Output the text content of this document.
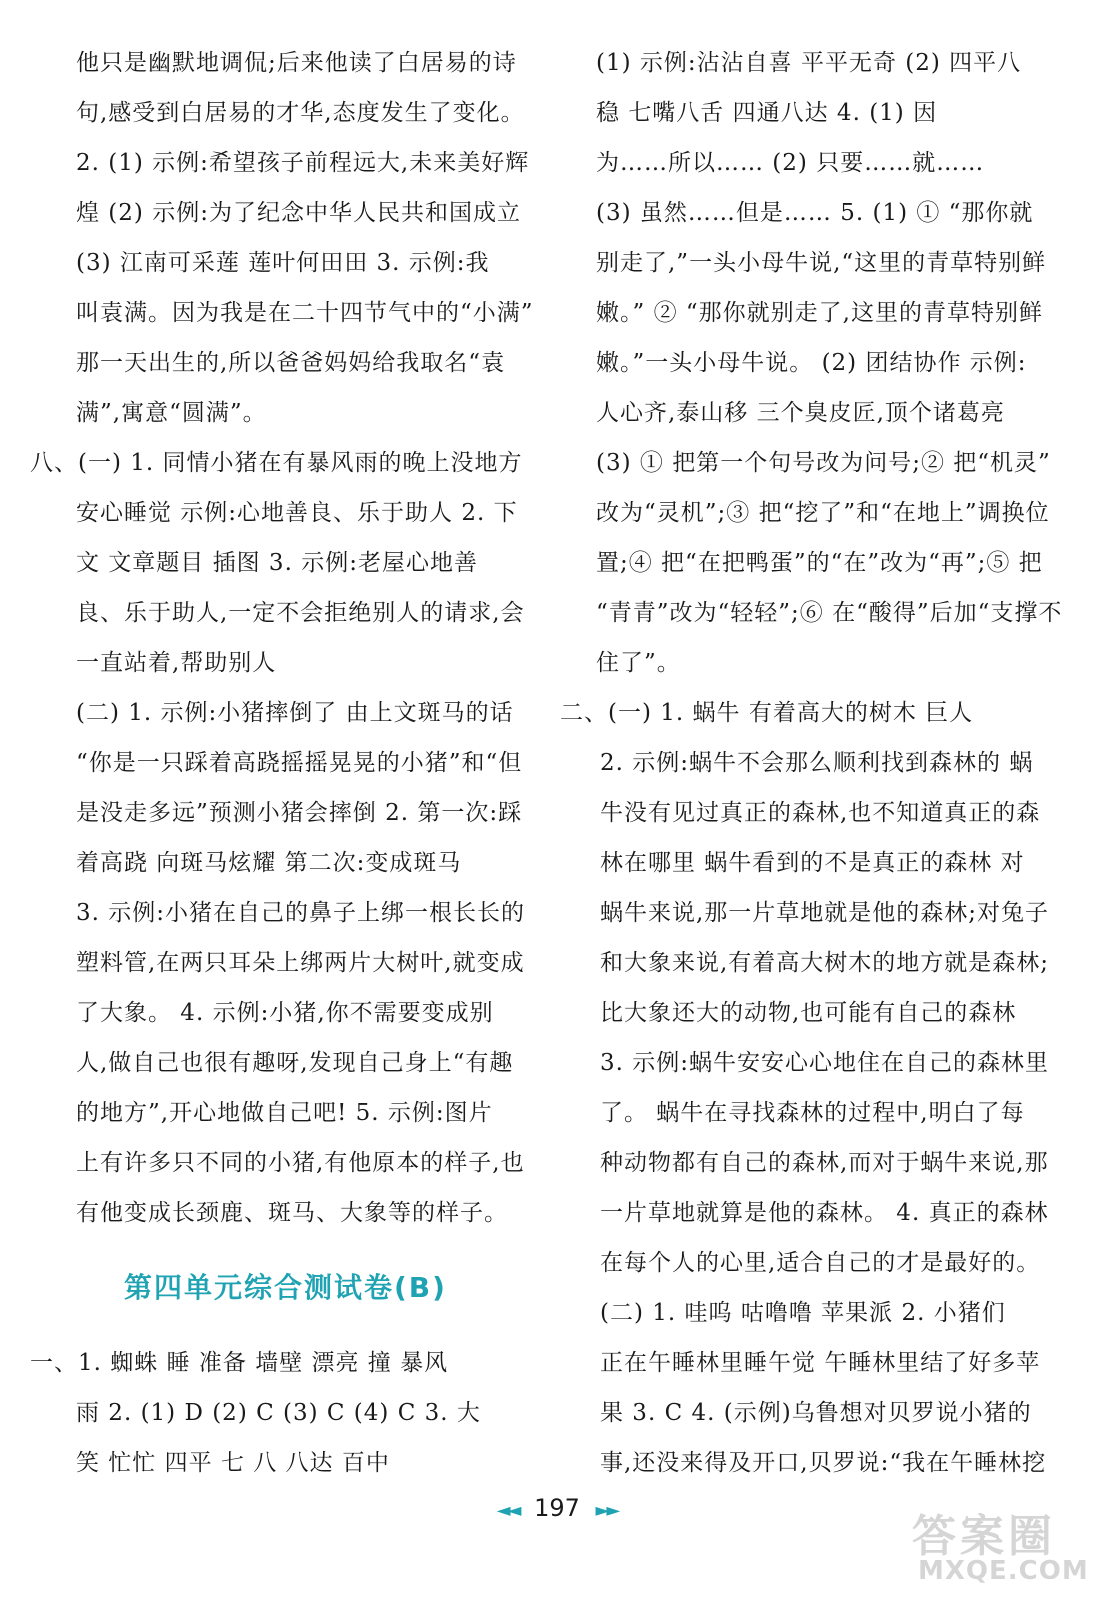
他只是幽默地调侃;后来他读了白居易的诗
句,感受到白居易的才华,态度发生了变化。
2. (1) 示例:希望孩子前程远大,未来美好辉
煌 (2) 示例:为了纪念中华人民共和国成立
(3) 江南可采莲 莲叶何田田 3. 示例:我
叫袁满。因为我是在二十四节气中的“小满”
那一天出生的,所以爸爸妈妈给我取名“袁
满”,寓意“圆满”。
八、(一) 1. 同情小猪在有暴风雨的晚上没地方
安心睡觉 示例:心地善良、乐于助人 2. 下
文 文章题目 插图 3. 示例:老屋心地善
良、乐于助人,一定不会拒绝别人的请求,会
一直站着,帮助别人
(二) 1. 示例:小猪摔倒了 由上文斑马的话
“你是一只踩着高跷摇摇晃晃的小猪”和“但
是没走多远”预测小猪会摔倒 2. 第一次:踩
着高跷 向斑马炫耀 第二次:变成斑马
3. 示例:小猪在自己的鼻子上绑一根长长的
塑料管,在两只耳朵上绑两片大树叶,就变成
了大象。 4. 示例:小猪,你不需要变成别
人,做自己也很有趣呀,发现自己身上“有趣
的地方”,开心地做自己吧! 5. 示例:图片
上有许多只不同的小猪,有他原本的样子,也
有他变成长颈鹿、斑马、大象等的样子。
一、1. 蜘蛛 睡 准备 墙壁 漂亮 撞 暴风
雨 2. (1) D (2) C (3) C (4) C 3. 大
笑 忙忙 四平 七 八 八达 百中
第四单元综合测试卷(B)
(1) 示例:沾沾自喜 平平无奇 (2) 四平八
稳 七嘴八舌 四通八达 4. (1) 因
为……所以…… (2) 只要……就……
(3) 虽然……但是…… 5. (1) ① “那你就
别走了,”一头小母牛说,“这里的青草特别鲜
嫩。” ② “那你就别走了,这里的青草特别鲜
嫩。”一头小母牛说。 (2) 团结协作 示例:
人心齐,泰山移 三个臭皮匠,顶个诸葛亮
(3) ① 把第一个句号改为问号;② 把“机灵”
改为“灵机”;③ 把“挖了”和“在地上”调换位
置;④ 把“在把鸭蛋”的“在”改为“再”;⑤ 把
“青青”改为“轻轻”;⑥ 在“酸得”后加“支撑不
住了”。
二、(一) 1. 蜗牛 有着高大的树木 巨人
2. 示例:蜗牛不会那么顺利找到森林的 蜗
牛没有见过真正的森林,也不知道真正的森
林在哪里 蜗牛看到的不是真正的森林 对
蜗牛来说,那一片草地就是他的森林;对兔子
和大象来说,有着高大树木的地方就是森林;
比大象还大的动物,也可能有自己的森林
3. 示例:蜗牛安安心心地住在自己的森林里
了。 蜗牛在寻找森林的过程中,明白了每
种动物都有自己的森林,而对于蜗牛来说,那
一片草地就算是他的森林。 4. 真正的森林
在每个人的心里,适合自己的才是最好的。
(二) 1. 哇呜 咕噜噜 苹果派 2. 小猪们
正在午睡林里睡午觉 午睡林里结了好多苹
果 3. C 4. (示例)乌鲁想对贝罗说小猪的
事,还没来得及开口,贝罗说:“我在午睡林挖
◄◄ 197 ►►
答案圈
MXQE.COM
